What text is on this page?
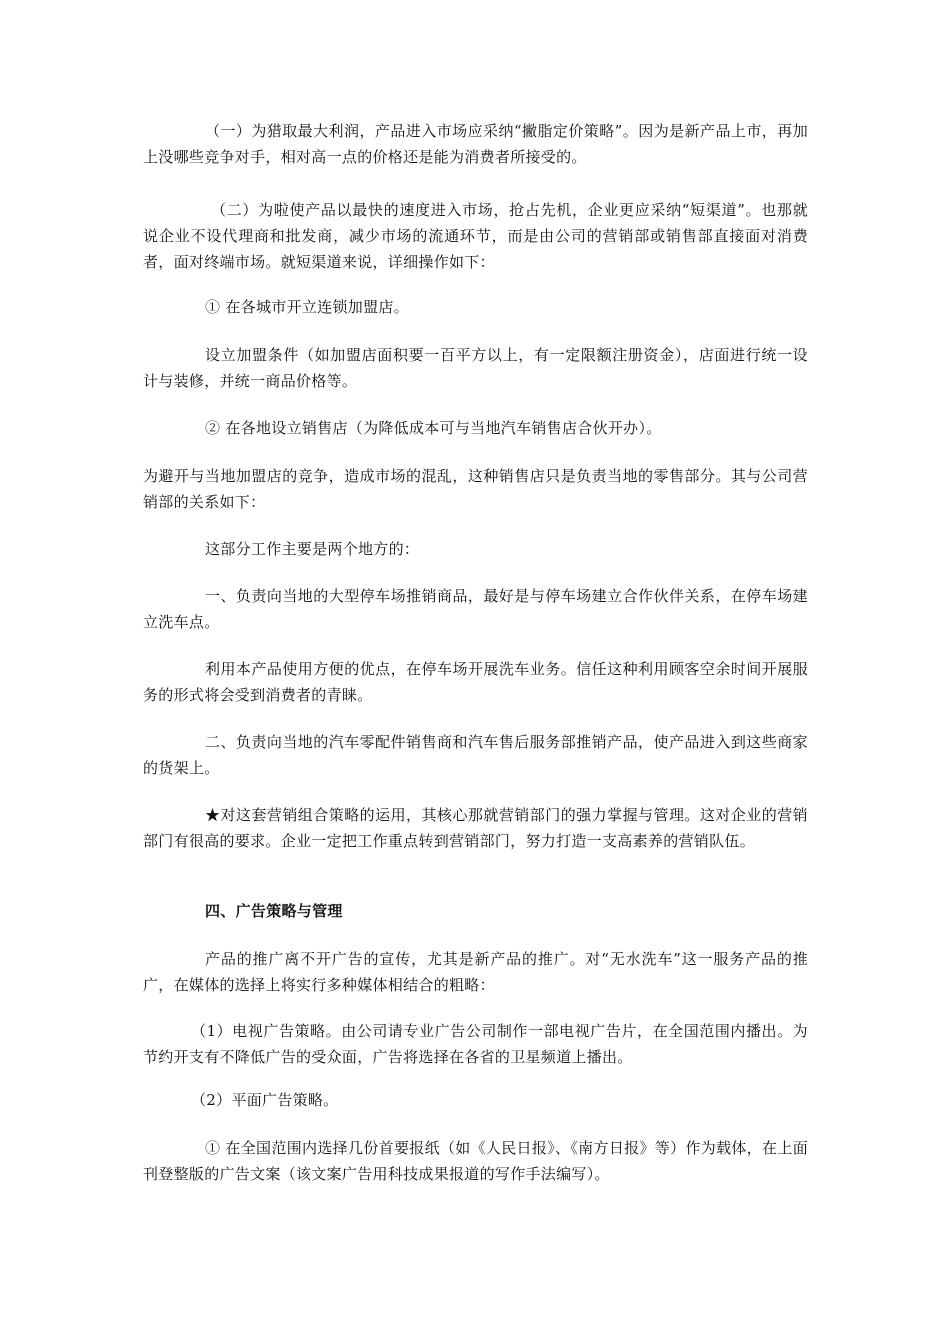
（一）为猎取最大利润，产品进入市场应采纳“撇脂定价策略”。因为是新产品上市，再加上没哪些竞争对手，相对高一点的价格还是能为消费者所接受的。

（二）为啦使产品以最快的速度进入市场，抢占先机，企业更应采纳“短渠道”。也那就说企业不设代理商和批发商，减少市场的流通环节，而是由公司的营销部或销售部直接面对消费者，面对终端市场。就短渠道来说，详细操作如下：

① 在各城市开立连锁加盟店。

设立加盟条件（如加盟店面积要一百平方以上，有一定限额注册资金），店面进行统一设计与装修，并统一商品价格等。

② 在各地设立销售店（为降低成本可与当地汽车销售店合伙开办）。

为避开与当地加盟店的竞争，造成市场的混乱，这种销售店只是负责当地的零售部分。其与公司营销部的关系如下：

这部分工作主要是两个地方的：

一、负责向当地的大型停车场推销商品，最好是与停车场建立合作伙伴关系，在停车场建立洗车点。

利用本产品使用方便的优点，在停车场开展洗车业务。信任这种利用顾客空余时间开展服务的形式将会受到消费者的青睐。

二、负责向当地的汽车零配件销售商和汽车售后服务部推销产品，使产品进入到这些商家的货架上。

★对这套营销组合策略的运用，其核心那就营销部门的强力掌握与管理。这对企业的营销部门有很高的要求。企业一定把工作重点转到营销部门，努力打造一支高素养的营销队伍。

四、广告策略与管理

产品的推广离不开广告的宣传，尤其是新产品的推广。对“无水洗车”这一服务产品的推广，在媒体的选择上将实行多种媒体相结合的粗略：

（1）电视广告策略。由公司请专业广告公司制作一部电视广告片，在全国范围内播出。为节约开支有不降低广告的受众面，广告将选择在各省的卫星频道上播出。

（2）平面广告策略。

① 在全国范围内选择几份首要报纸（如《人民日报》、《南方日报》等）作为载体，在上面刊登整版的广告文案（该文案广告用科技成果报道的写作手法编写）。
